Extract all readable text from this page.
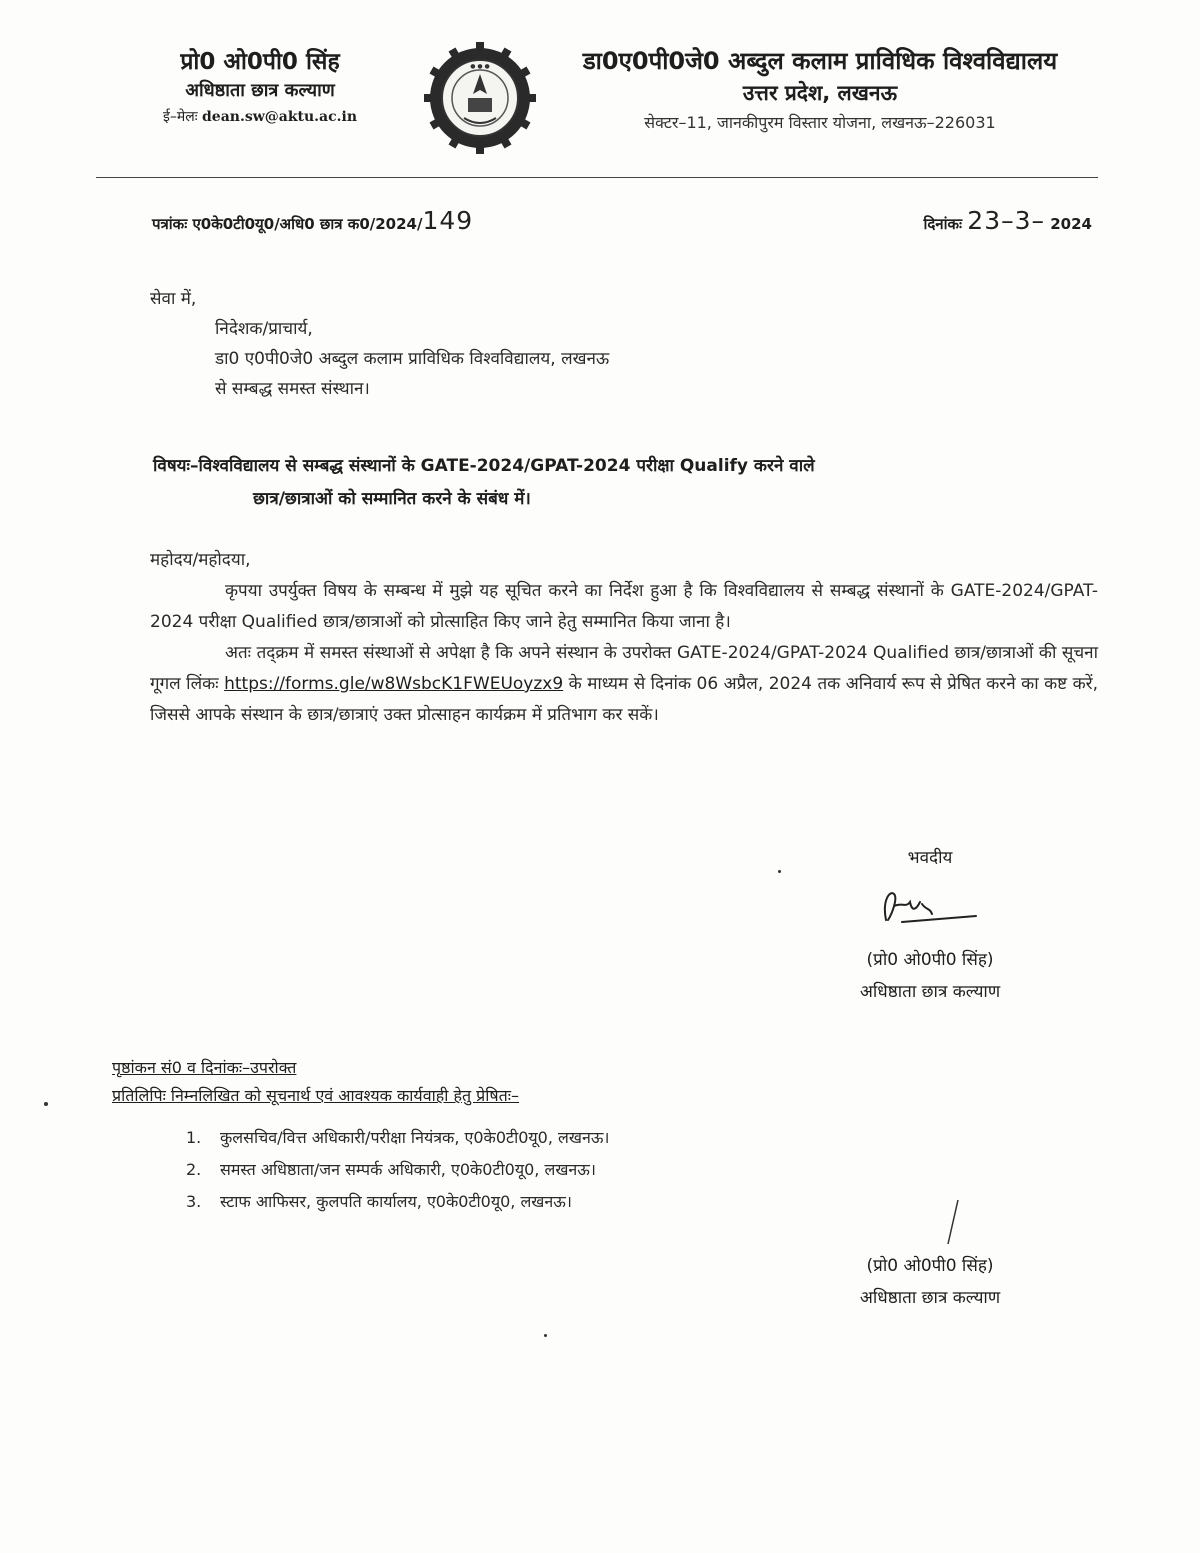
प्रो0 ओ0पी0 सिंह
अधिष्ठाता छात्र कल्याण
ई–मेलः dean.sw@aktu.ac.in
● ● ●	डा0ए0पी0जे0 अब्दुल कलाम प्राविधिक विश्वविद्यालय
उत्तर प्रदेश, लखनऊ
सेक्टर–11, जानकीपुरम विस्तार योजना, लखनऊ–226031
पत्रांकः ए0के0टी0यू0/अधि0 छात्र क0/2024/149	दिनांकः 23–3– 2024
सेवा में,
निदेशक/प्राचार्य,
डा0 ए0पी0जे0 अब्दुल कलाम प्राविधिक विश्वविद्यालय, लखनऊ
से सम्बद्ध समस्त संस्थान।
विषयः–विश्वविद्यालय से सम्बद्ध संस्थानों के GATE-2024/GPAT-2024 परीक्षा Qualify करने वाले
छात्र/छात्राओं को सम्मानित करने के संबंध में।

महोदय/महोदया,

कृपया उपर्युक्त विषय के सम्बन्ध में मुझे यह सूचित करने का निर्देश हुआ है कि विश्वविद्यालय से सम्बद्ध संस्थानों के GATE-2024/GPAT-2024 परीक्षा Qualified छात्र/छात्राओं को प्रोत्साहित किए जाने हेतु सम्मानित किया जाना है।

अतः तद्क्रम में समस्त संस्थाओं से अपेक्षा है कि अपने संस्थान के उपरोक्त GATE-2024/GPAT-2024 Qualified छात्र/छात्राओं की सूचना गूगल लिंकः https://forms.gle/w8WsbcK1FWEUoyzx9 के माध्यम से दिनांक 06 अप्रैल, 2024 तक अनिवार्य रूप से प्रेषित करने का कष्ट करें, जिससे आपके संस्थान के छात्र/छात्राएं उक्त प्रोत्साहन कार्यक्रम में प्रतिभाग कर सकें।

भवदीय
(प्रो0 ओ0पी0 सिंह)
अधिष्ठाता छात्र कल्याण
पृष्ठांकन सं0 व दिनांकः–उपरोक्त
प्रतिलिपिः निम्नलिखित को सूचनार्थ एवं आवश्यक कार्यवाही हेतु प्रेषितः–
1. कुलसचिव/वित्त अधिकारी/परीक्षा नियंत्रक, ए0के0टी0यू0, लखनऊ।
2. समस्त अधिष्ठाता/जन सम्पर्क अधिकारी, ए0के0टी0यू0, लखनऊ।
3. स्टाफ आफिसर, कुलपति कार्यालय, ए0के0टी0यू0, लखनऊ।
(प्रो0 ओ0पी0 सिंह)
अधिष्ठाता छात्र कल्याण
